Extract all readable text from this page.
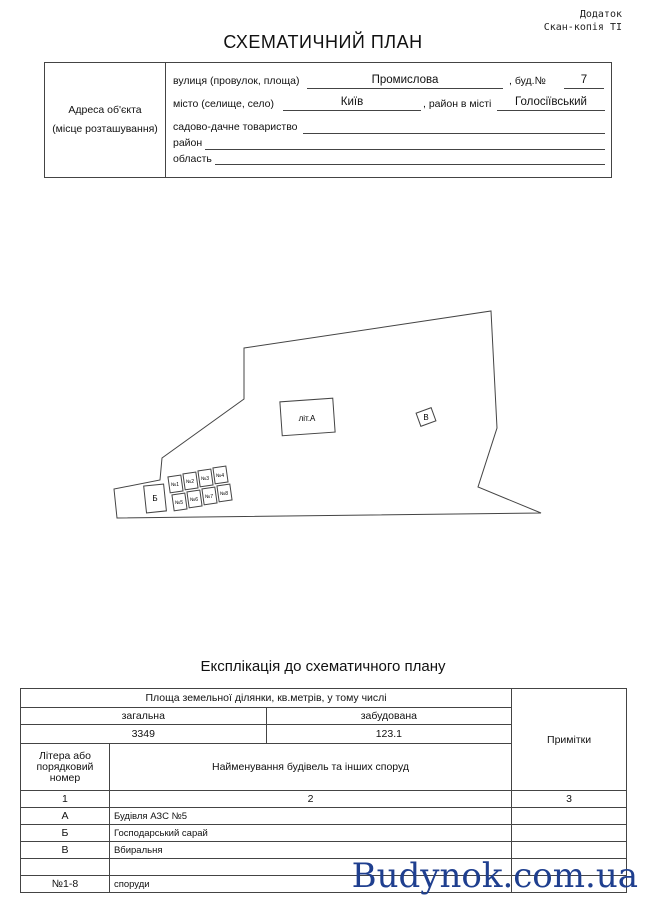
Додаток
Скан-копія ТІ
СХЕМАТИЧНИЙ ПЛАН
Адреса об'єкта
(місце розташування)
вулиця (провулок, площа)	Промислова	, буд.№	7
місто (селище, село)	Київ	, район в місті	Голосіївський
садово-дачне товариство
район
область
літ.А	В
Б
№1 №2 №3 №4
№5 №6 №7 №8
Експлікація до схематичного плану
Площа земельної ділянки, кв.метрів, у тому числі			Примітки
загальна		забудована	
3349		123.1	
Літера або порядковий номер	Найменування будівель та інших споруд		
1	2		3
А	Будівля АЗС №5		
Б	Господарський сарай		
В	Вбиральня		

№1-8	споруди			Budynok.com.ua
